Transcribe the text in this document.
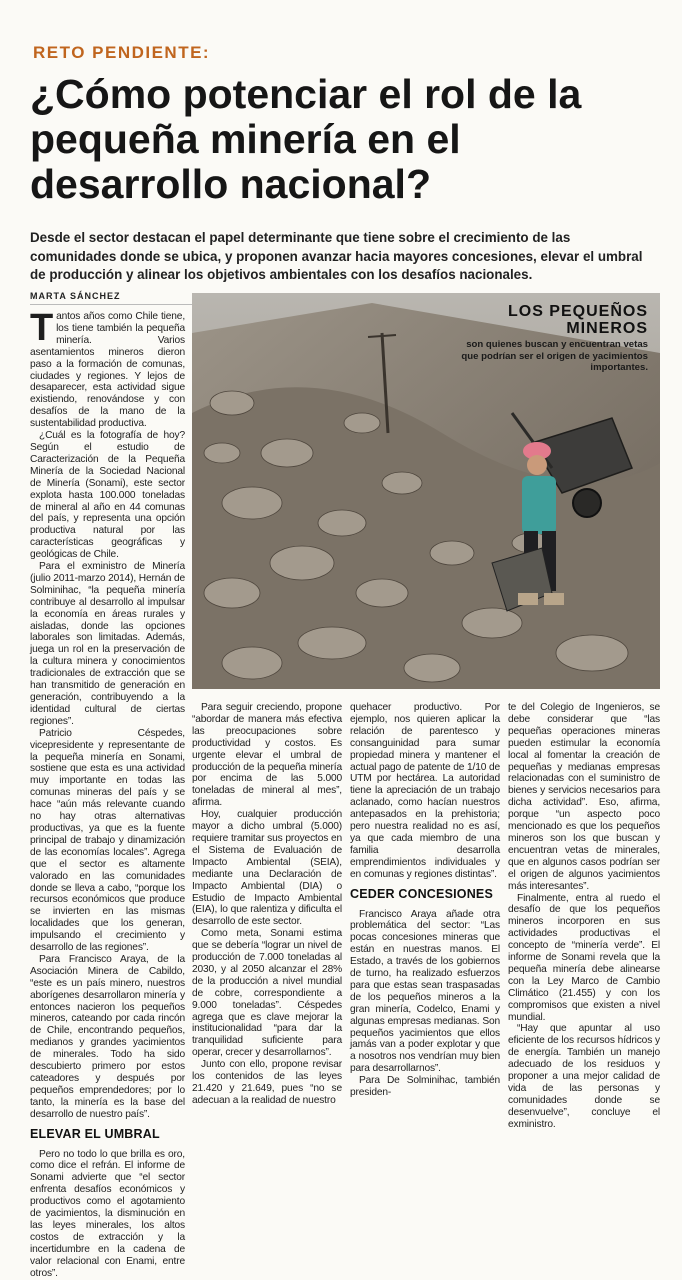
RETO PENDIENTE:
¿Cómo potenciar el rol de la pequeña minería en el desarrollo nacional?

Desde el sector destacan el papel determinante que tiene sobre el crecimiento de las comunidades donde se ubica, y proponen avanzar hacia mayores concesiones, elevar el umbral de producción y alinear los objetivos ambientales con los desafíos nacionales.

MARTA SÁNCHEZ

Tantos años como Chile tiene, los tiene también la pequeña minería. Varios asentamientos mineros dieron paso a la formación de comunas, ciudades y regiones. Y lejos de desaparecer, esta actividad sigue existiendo, renovándose y con desafíos de la mano de la sustentabilidad productiva.

¿Cuál es la fotografía de hoy? Según el estudio de Caracterización de la Pequeña Minería de la Sociedad Nacional de Minería (Sonami), este sector explota hasta 100.000 toneladas de mineral al año en 44 comunas del país, y representa una opción productiva natural por las características geográficas y geológicas de Chile.

Para el exministro de Minería (julio 2011-marzo 2014), Hernán de Solminihac, “la pequeña minería contribuye al desarrollo al impulsar la economía en áreas rurales y aisladas, donde las opciones laborales son limitadas. Además, juega un rol en la preservación de la cultura minera y conocimientos tradicionales de extracción que se han transmitido de generación en generación, contribuyendo a la identidad cultural de ciertas regiones”.

Patricio Céspedes, vicepresidente y representante de la pequeña minería en Sonami, sostiene que esta es una actividad muy importante en todas las comunas mineras del país y se hace “aún más relevante cuando no hay otras alternativas productivas, ya que es la fuente principal de trabajo y dinamización de las economías locales”. Agrega que el sector es altamente valorado en las comunidades donde se lleva a cabo, “porque los recursos económicos que produce se invierten en las mismas localidades que los generan, impulsando el crecimiento y desarrollo de las regiones”.

Para Francisco Araya, de la Asociación Minera de Cabildo, “este es un país minero, nuestros aborígenes desarrollaron minería y entonces nacieron los pequeños mineros, cateando por cada rincón de Chile, encontrando pequeños, medianos y grandes yacimientos de minerales. Todo ha sido descubierto primero por estos cateadores y después por pequeños emprendedores; por lo tanto, la minería es la base del desarrollo de nuestro país”.

ELEVAR EL UMBRAL

Pero no todo lo que brilla es oro, como dice el refrán. El informe de Sonami advierte que “el sector enfrenta desafíos económicos y productivos como el agotamiento de yacimientos, la disminución en las leyes minerales, los altos costos de extracción y la incertidumbre en la cadena de valor relacional con Enami, entre otros”.

LOS PEQUEÑOS MINEROS
son quienes buscan y encuentran vetas que podrían ser el origen de yacimientos importantes.

Para seguir creciendo, propone “abordar de manera más efectiva las preocupaciones sobre productividad y costos. Es urgente elevar el umbral de producción de la pequeña minería por encima de las 5.000 toneladas de mineral al mes”, afirma.

Hoy, cualquier producción mayor a dicho umbral (5.000) requiere tramitar sus proyectos en el Sistema de Evaluación de Impacto Ambiental (SEIA), mediante una Declaración de Impacto Ambiental (DIA) o Estudio de Impacto Ambiental (EIA), lo que ralentiza y dificulta el desarrollo de este sector.

Como meta, Sonami estima que se debería “lograr un nivel de producción de 7.000 toneladas al 2030, y al 2050 alcanzar el 28% de la producción a nivel mundial de cobre, correspondiente a 9.000 toneladas”. Céspedes agrega que es clave mejorar la institucionalidad “para dar la tranquilidad suficiente para operar, crecer y desarrollarnos”.

Junto con ello, propone revisar los contenidos de las leyes 21.420 y 21.649, pues “no se adecuan a la realidad de nuestro

quehacer productivo. Por ejemplo, nos quieren aplicar la relación de parentesco y consanguinidad para sumar propiedad minera y mantener el actual pago de patente de 1/10 de UTM por hectárea. La autoridad tiene la apreciación de un trabajo aclanado, como hacían nuestros antepasados en la prehistoria; pero nuestra realidad no es así, ya que cada miembro de una familia desarrolla emprendimientos individuales y en comunas y regiones distintas”.

CEDER CONCESIONES

Francisco Araya añade otra problemática del sector: “Las pocas concesiones mineras que están en nuestras manos. El Estado, a través de los gobiernos de turno, ha realizado esfuerzos para que estas sean traspasadas de los pequeños mineros a la gran minería, Codelco, Enami y algunas empresas medianas. Son pequeños yacimientos que ellos jamás van a poder explotar y que a nosotros nos vendrían muy bien para desarrollarnos”.

Para De Solminihac, también presiden-

te del Colegio de Ingenieros, se debe considerar que “las pequeñas operaciones mineras pueden estimular la economía local al fomentar la creación de pequeñas y medianas empresas relacionadas con el suministro de bienes y servicios necesarios para dicha actividad”. Eso, afirma, porque “un aspecto poco mencionado es que los pequeños mineros son los que buscan y encuentran vetas de minerales, que en algunos casos podrían ser el origen de algunos yacimientos más interesantes”.

Finalmente, entra al ruedo el desafío de que los pequeños mineros incorporen en sus actividades productivas el concepto de “minería verde”. El informe de Sonami revela que la pequeña minería debe alinearse con la Ley Marco de Cambio Climático (21.455) y con los compromisos que existen a nivel mundial.

“Hay que apuntar al uso eficiente de los recursos hídricos y de energía. También un manejo adecuado de los residuos y proponer a una mejor calidad de vida de las personas y comunidades donde se desenvuelve”, concluye el exministro.
